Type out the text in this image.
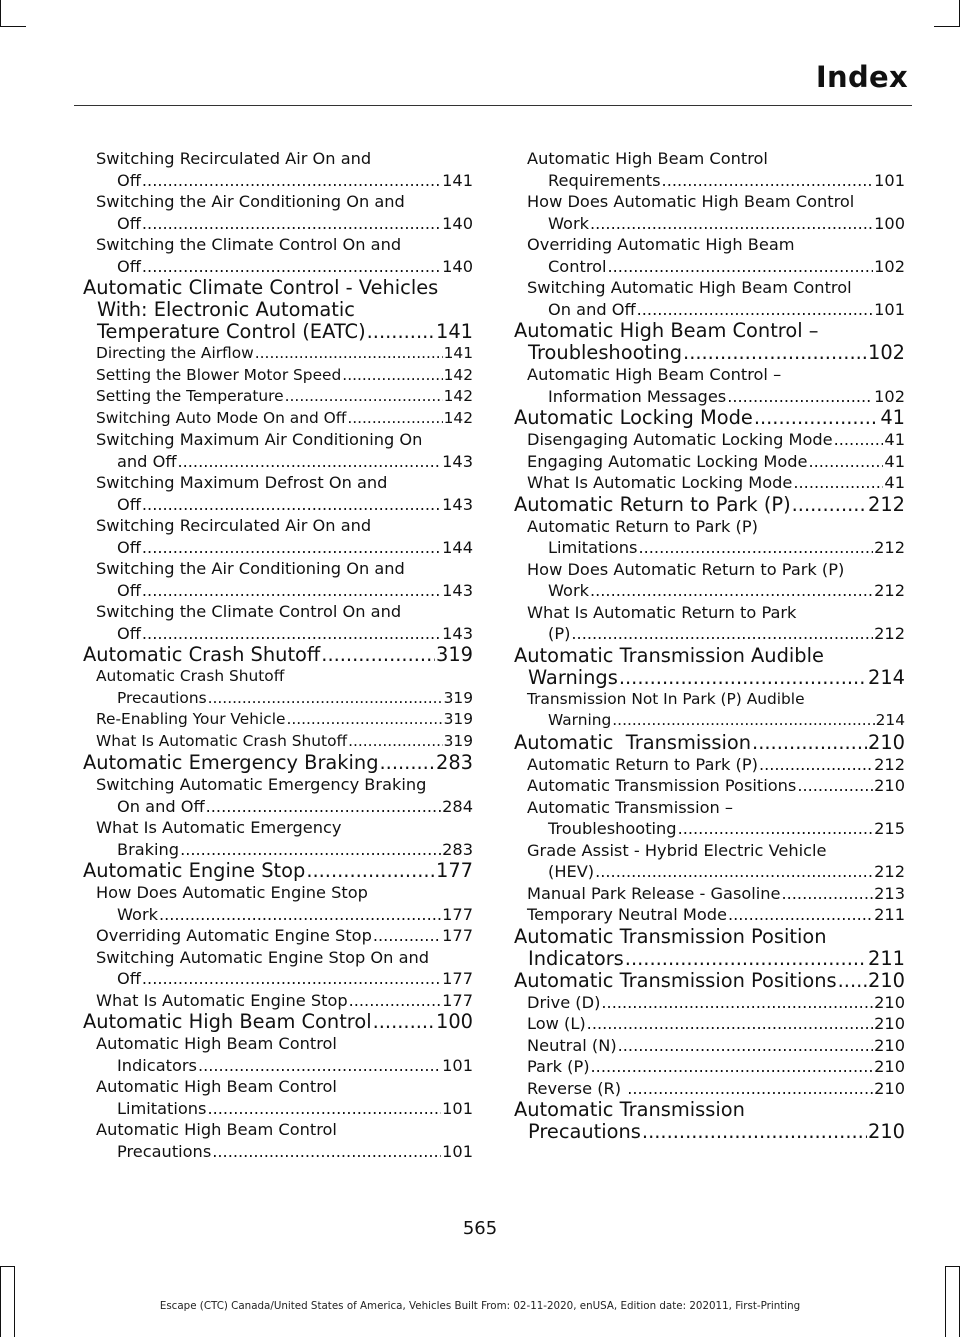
Index
Switching Recirculated Air On and
Off .....	141
Switching the Air Conditioning On and
Off .....	140
Switching the Climate Control On and
Off .....	140
Automatic Climate Control - Vehicles
With: Electronic Automatic
Temperature Control (EATC) .....	141
Directing the Airflow .....	141
Setting the Blower Motor Speed .....	142
Setting the Temperature .....	142
Switching Auto Mode On and Off .....	142
Switching Maximum Air Conditioning On
and Off .....	143
Switching Maximum Defrost On and
Off .....	143
Switching Recirculated Air On and
Off .....	144
Switching the Air Conditioning On and
Off .....	143
Switching the Climate Control On and
Off .....	143
Automatic Crash Shutoff .....	319
Automatic Crash Shutoff
Precautions .....	319
Re-Enabling Your Vehicle .....	319
What Is Automatic Crash Shutoff .....	319
Automatic Emergency Braking .....	283
Switching Automatic Emergency Braking
On and Off .....	284
What Is Automatic Emergency
Braking .....	283
Automatic Engine Stop .....	177
How Does Automatic Engine Stop
Work .....	177
Overriding Automatic Engine Stop .....	177
Switching Automatic Engine Stop On and
Off .....	177
What Is Automatic Engine Stop .....	177
Automatic High Beam Control .....	100
Automatic High Beam Control
Indicators .....	101
Automatic High Beam Control
Limitations .....	101
Automatic High Beam Control
Precautions .....	101
Automatic High Beam Control
Requirements .....	101
How Does Automatic High Beam Control
Work .....	100
Overriding Automatic High Beam
Control .....	102
Switching Automatic High Beam Control
On and Off .....	101
Automatic High Beam Control –
Troubleshooting .....	102
Automatic High Beam Control –
Information Messages .....	102
Automatic Locking Mode .....	41
Disengaging Automatic Locking Mode .....	41
Engaging Automatic Locking Mode .....	41
What Is Automatic Locking Mode .....	41
Automatic Return to Park (P) .....	212
Automatic Return to Park (P)
Limitations .....	212
How Does Automatic Return to Park (P)
Work .....	212
What Is Automatic Return to Park
(P) .....	212
Automatic Transmission Audible
Warnings .....	214
Transmission Not In Park (P) Audible
Warning .....	214
Automatic  Transmission .....	210
Automatic Return to Park (P) .....	212
Automatic Transmission Positions .....	210
Automatic Transmission –
Troubleshooting .....	215
Grade Assist - Hybrid Electric Vehicle
(HEV) .....	212
Manual Park Release - Gasoline .....	213
Temporary Neutral Mode .....	211
Automatic Transmission Position
Indicators .....	211
Automatic Transmission Positions ..... 210
Drive (D) .....	210
Low (L) .....	210
Neutral (N) .....	210
Park (P) .....	210
Reverse (R) .....	210
Automatic Transmission
Precautions .....	210
565
Escape (CTC) Canada/United States of America, Vehicles Built From: 02-11-2020, enUSA, Edition date: 202011, First-Printing
